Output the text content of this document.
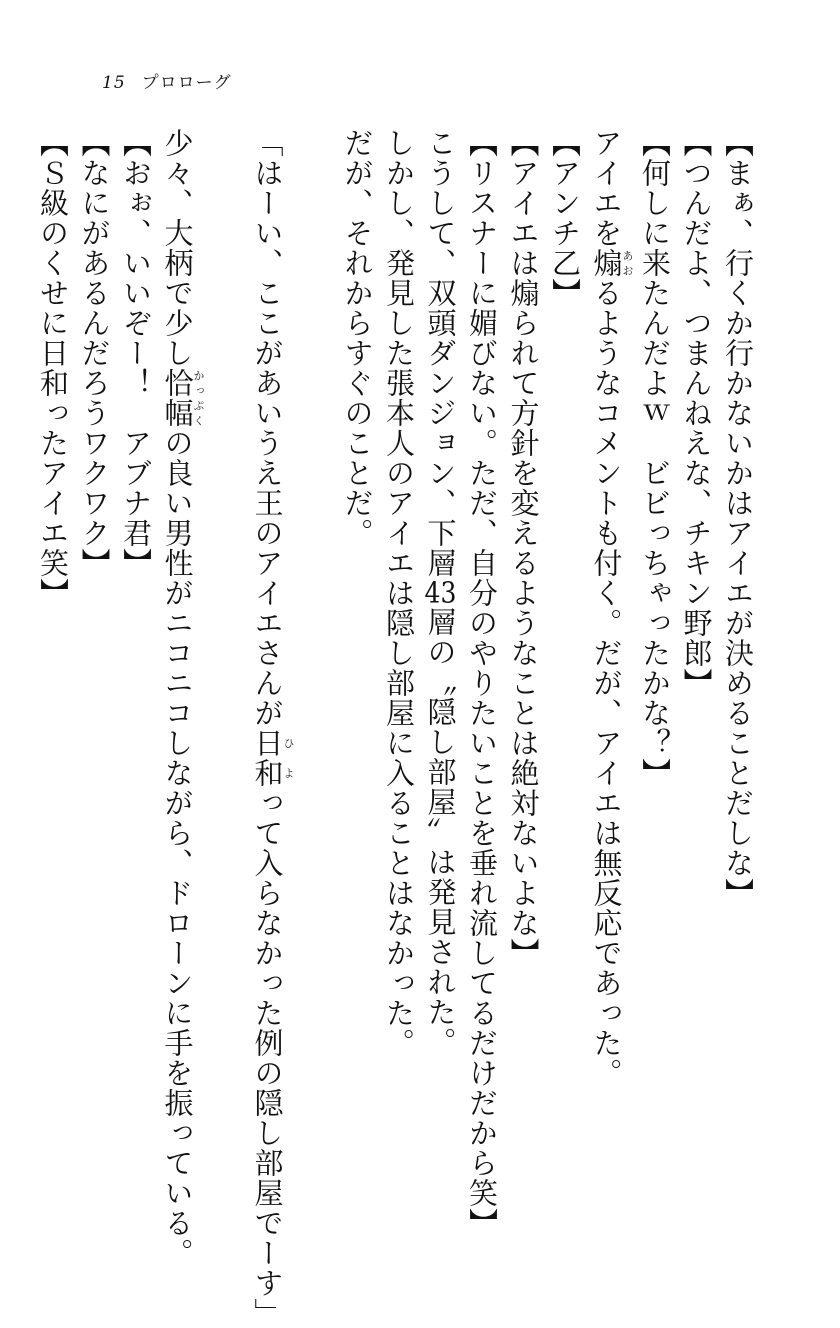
15 プロローグ

【まぁ、行くか行かないかはアイエが決めることだしな】

【つんだよ、つまんねえな、チキン野郎】

【何しに来たんだよｗ　ビビっちゃったかな？】

アイエを煽あおるようなコメントも付く。だが、アイエは無反応であった。

【アンチ乙】

【アイエは煽られて方針を変えるようなことは絶対ないよな】

【リスナーに媚びない。ただ、自分のやりたいことを垂れ流してるだけだから笑】

こうして、双頭ダンジョン、下層43層の〝隠し部屋〟は発見された。

しかし、発見した張本人のアイエは隠し部屋に入ることはなかった。

だが、それからすぐのことだ。

「はーい、ここがあいうえ王のアイエさんが日和ひよって入らなかった例の隠し部屋でーす」

少々、大柄で少し恰幅かっぷくの良い男性がニコニコしながら、ドローンに手を振っている。

【おぉ、いいぞー！　アブナ君】

【なにがあるんだろうワクワク】

【Ｓ級のくせに日和ったアイエ笑】
